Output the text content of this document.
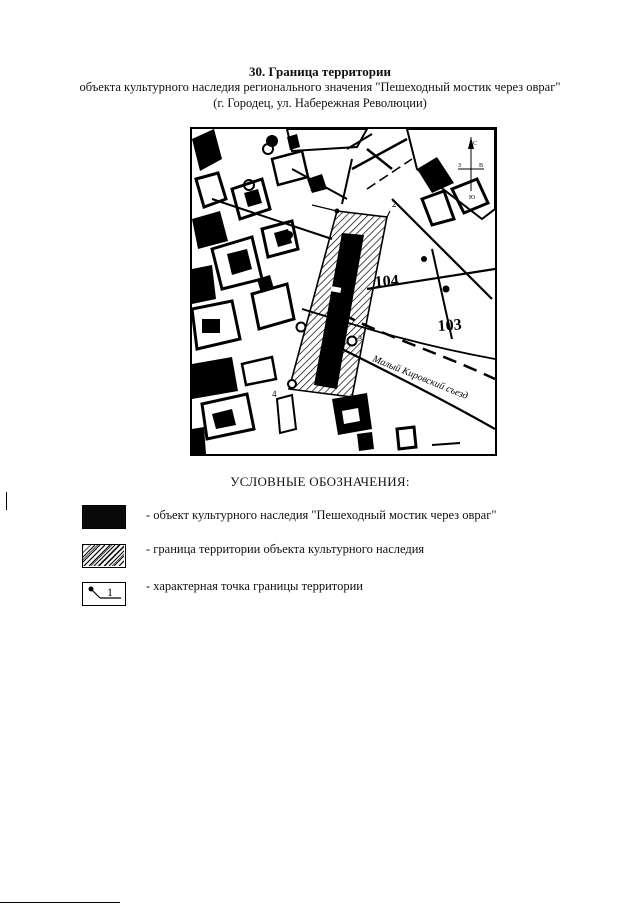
30. Граница территории
объекта культурного наследия регионального значения "Пешеходный мостик через овраг"
(г. Городец, ул. Набережная Революции)
104
103
Малый Кировский съезд
1
2
3
4
С
З	В
Ю
УСЛОВНЫЕ ОБОЗНАЧЕНИЯ:
- объект культурного наследия "Пешеходный мостик через овраг"
- граница территории объекта культурного наследия
1	- характерная точка границы территории
